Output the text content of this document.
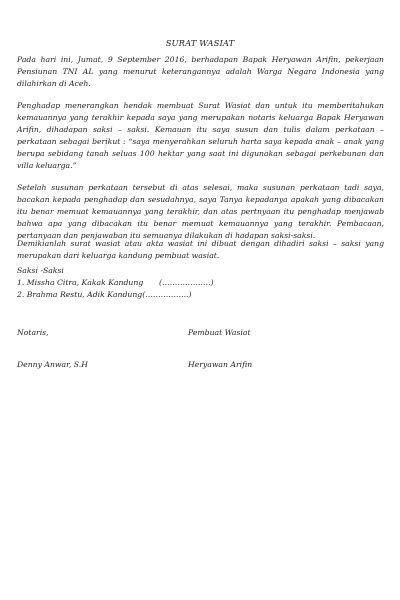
SURAT WASIAT

Pada hari ini, Jumat, 9 September 2016, berhadapan Bapak Heryawan Arifin, pekerjaan Pensiunan TNI AL yang menurut keterangannya adalah Warga Negara Indonesia yang dilahirkan di Aceh.

Penghadap menerangkan hendak membuat Surat Wasiat dan untuk itu memberitahukan kemauannya yang terakhir kepada saya yang merupakan notaris keluarga Bapak Heryawan Arifin, dihadapan saksi – saksi. Kemauan itu saya susun dan tulis dalam perkataan – perkataan sebagai berikut : “saya menyerahkan seluruh harta saya kepada anak – anak yang berupa sebidang tanah seluas 100 hektar yang saat ini digunakan sebagai perkebunan dan villa keluarga.”

Setelah susunan perkataan tersebut di atas selesai, maka susunan perkataan tadi saya, bacakan kepada penghadap dan sesudahnya, saya Tanya kepadanya apakah yang dibacakan itu benar memuat kemauannya yang terakhir, dan atas pertnyaan itu penghadap menjawab bahwa apa yang dibacakan itu benar memuat kemauannya yang terakhir. Pembacaan, pertanyaan dan penjawaban itu semuanya dilakukan di hadapan saksi-saksi.

Demikianlah surat wasiat atau akta wasiat ini dibuat dengan dihadiri saksi – saksi yang merupakan dari keluarga kandung pembuat wasiat.

Saksi -Saksi
1. Missha Citra, Kakak Kandung (……………….)
2. Brahma Restu, Adik Kandung(……………..)
Notaris,	Pembuat Wasiat
Denny Anwar, S.H	Heryawan Arifin
